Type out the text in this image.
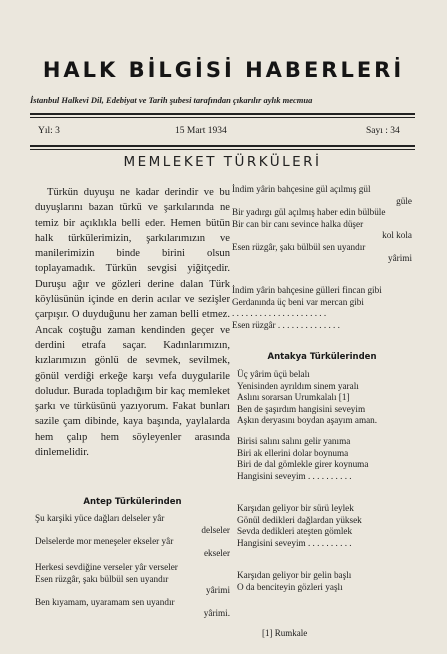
HALK BİLGİSİ HABERLERİ
İstanbul Halkevi Dil, Edebiyat ve Tarih şubesi tarafından çıkarılır aylık mecmua
Yıl: 3	15 Mart 1934	Sayı : 34
MEMLEKET TÜRKÜLERİ

Türkün duyuşu ne kadar derindir ve bu duyuşlarını bazan türkü ve şarkılarında ne temiz bir açıklıkla belli eder. Hemen bütün halk türkülerimizin, şarkılarımızın ve manilerimizin binde birini olsun toplayamadık. Türkün sevgisi yiğitçedir. Duruşu ağır ve gözleri derine dalan Türk köylüsünün içinde en derin acılar ve sezişler çarpışır. O duyduğunu her zaman belli etmez. Ancak coştuğu zaman kendinden geçer ve derdini etrafa saçar. Kadınlarımızın, kızlarımızın gönlü de sevmek, sevilmek, gönül verdiği erkeğe karşı vefa duygularile doludur. Burada topladığım bir kaç memleket şarkı ve türküsünü yazıyorum. Fakat bunları sazile çam dibinde, kaya başında, yaylalarda hem çalıp hem söyleyenler arasında dinlemelidir.

Antep Türkülerinden
Şu karşiki yüce dağları delseler yâr
delseler
Delselerde mor meneşeler ekseler yâr
ekseler
Herkesi sevdiğine verseler yâr verseler
Esen rüzgâr, şakı bülbül sen uyandır
yârimi
Ben kıyamam, uyaramam sen uyandır
yârimi.
İndim yârin bahçesine gül açılmış gül
güle
Bir yadırgı gül açılmış haber edin bülbüle
Bir can bir canı sevince halka düşer
kol kola
Esen rüzgâr, şakı bülbül sen uyandır
yârimi
İndim yârin bahçesine gülleri fincan gibi
Gerdanında üç beni var mercan gibi
. . . . . . . . . . . . . . . . . . . . .
Esen rüzgâr . . . . . . . . . . . . . .
Antakya Türkülerinden
Üç yârim üçü belalı
Yenisinden ayrıldım sinem yaralı
Aslını sorarsan Urumkalalı [1]
Ben de şaşırdım hangisini seveyim
Aşkın deryasını boydan aşayım aman.
Birisi salını salını gelir yanıma
Biri ak ellerini dolar boynuma
Biri de dal gömlekle girer koynuma
Hangisini seveyim . . . . . . . . . .
Karşıdan geliyor bir sürü leylek
Gönül dedikleri dağlardan yüksek
Sevda dedikleri ateşten gömlek
Hangisini seveyim . . . . . . . . . .
Karşıdan geliyor bir gelin başlı
O da benciteyin gözleri yaşlı
[1] Rumkale
